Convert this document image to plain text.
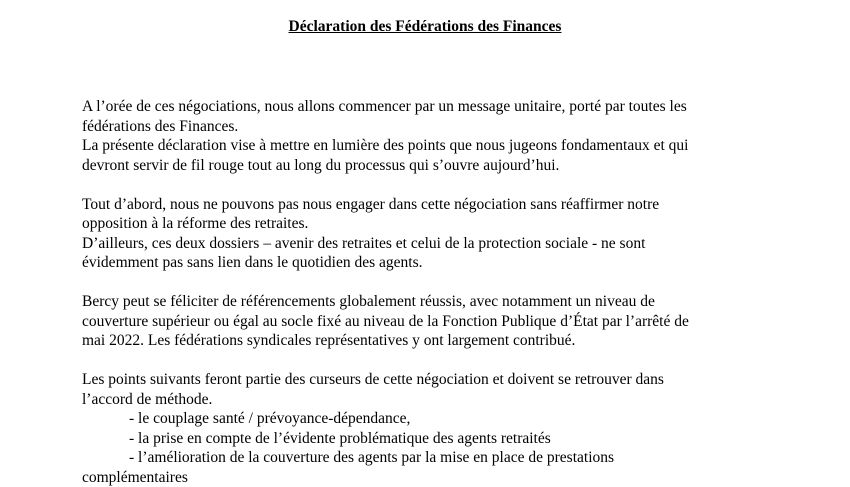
Déclaration des Fédérations des Finances

A l’orée de ces négociations, nous allons commencer par un message unitaire, porté par toutes les
fédérations des Finances.
La présente déclaration vise à mettre en lumière des points que nous jugeons fondamentaux et qui
devront servir de fil rouge tout au long du processus qui s’ouvre aujourd’hui.

Tout d’abord, nous ne pouvons pas nous engager dans cette négociation sans réaffirmer notre
opposition à la réforme des retraites.
D’ailleurs, ces deux dossiers – avenir des retraites et celui de la protection sociale - ne sont
évidemment pas sans lien dans le quotidien des agents.

Bercy peut se féliciter de référencements globalement réussis, avec notamment un niveau de
couverture supérieur ou égal au socle fixé au niveau de la Fonction Publique d’État par l’arrêté de
mai 2022. Les fédérations syndicales représentatives y ont largement contribué.

Les points suivants feront partie des curseurs de cette négociation et doivent se retrouver dans
l’accord de méthode.

- le couplage santé / prévoyance-dépendance,
- la prise en compte de l’évidente problématique des agents retraités
- l’amélioration de la couverture des agents par la mise en place de prestations
complémentaires
